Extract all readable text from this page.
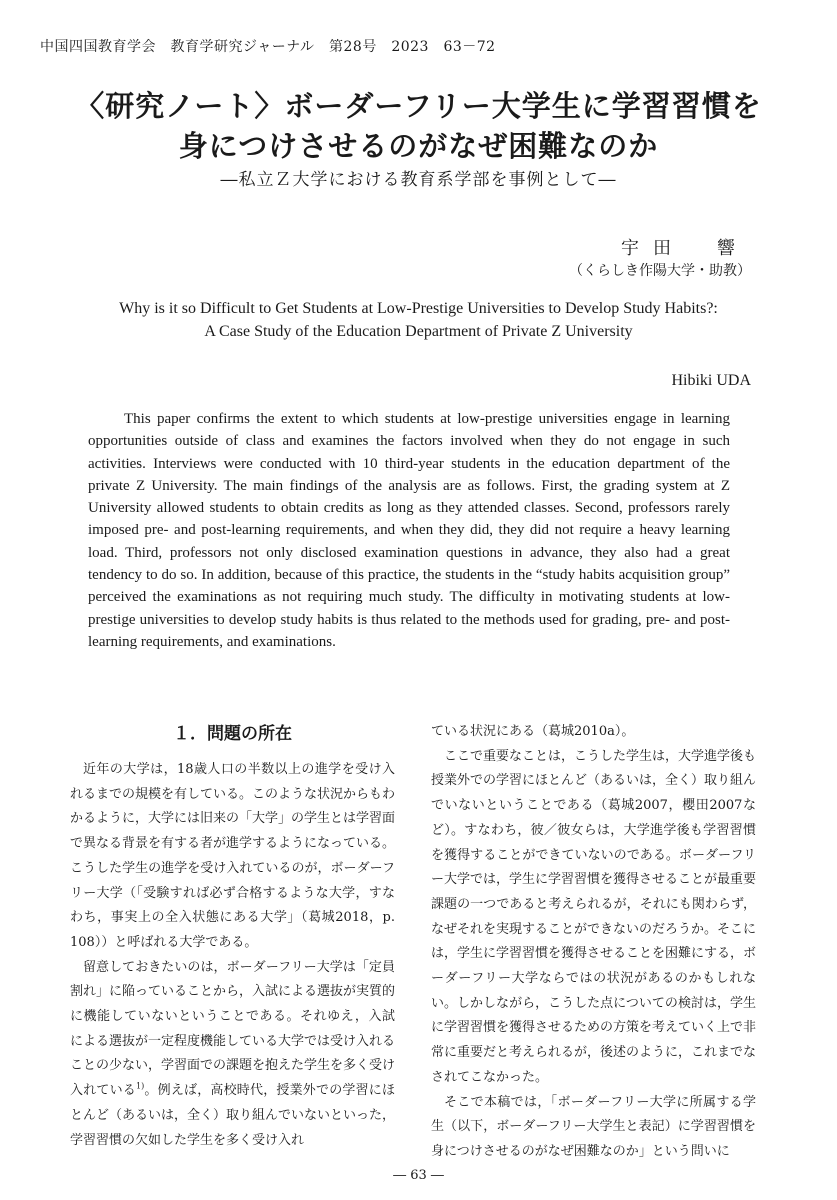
中国四国教育学会　教育学研究ジャーナル　第28号　2023　63－72
〈研究ノート〉ボーダーフリー大学生に学習習慣を
身につけさせるのがなぜ困難なのか
―私立Ｚ大学における教育系学部を事例として―
宇田　響
（くらしき作陽大学・助教）
Why is it so Difficult to Get Students at Low-Prestige Universities to Develop Study Habits?:
A Case Study of the Education Department of Private Z University
Hibiki UDA

This paper confirms the extent to which students at low-prestige universities engage in learning opportunities outside of class and examines the factors involved when they do not engage in such activities. Interviews were conducted with 10 third-year students in the education department of the private Z University. The main findings of the analysis are as follows. First, the grading system at Z University allowed students to obtain credits as long as they attended classes. Second, professors rarely imposed pre- and post-learning requirements, and when they did, they did not require a heavy learning load. Third, professors not only disclosed examination questions in advance, they also had a great tendency to do so. In addition, because of this practice, the students in the “study habits acquisition group” perceived the examinations as not requiring much study. The difficulty in motivating students at low-prestige universities to develop study habits is thus related to the methods used for grading, pre- and post-learning requirements, and examinations.

１．問題の所在

近年の大学は，18歳人口の半数以上の進学を受け入れるまでの規模を有している。このような状況からもわかるように，大学には旧来の「大学」の学生とは学習面で異なる背景を有する者が進学するようになっている。こうした学生の進学を受け入れているのが，ボーダーフリー大学（「受験すれば必ず合格するような大学，すなわち，事実上の全入状態にある大学」（葛城2018，p. 108））と呼ばれる大学である。

留意しておきたいのは，ボーダーフリー大学は「定員割れ」に陥っていることから，入試による選抜が実質的に機能していないということである。それゆえ，入試による選抜が一定程度機能している大学では受け入れることの少ない，学習面での課題を抱えた学生を多く受け入れている$^{1)}$。例えば，高校時代，授業外での学習にほとんど（あるいは，全く）取り組んでいないといった，学習習慣の欠如した学生を多く受け入れ

ている状況にある（葛城2010a）。

ここで重要なことは，こうした学生は，大学進学後も授業外での学習にほとんど（あるいは，全く）取り組んでいないということである（葛城2007，櫻田2007など）。すなわち，彼／彼女らは，大学進学後も学習習慣を獲得することができていないのである。ボーダーフリー大学では，学生に学習習慣を獲得させることが最重要課題の一つであると考えられるが，それにも関わらず，なぜそれを実現することができないのだろうか。そこには，学生に学習習慣を獲得させることを困難にする，ボーダーフリー大学ならではの状況があるのかもしれない。しかしながら，こうした点についての検討は，学生に学習習慣を獲得させるための方策を考えていく上で非常に重要だと考えられるが，後述のように，これまでなされてこなかった。

そこで本稿では，「ボーダーフリー大学に所属する学生（以下，ボーダーフリー大学生と表記）に学習習慣を身につけさせるのがなぜ困難なのか」という問いに

― 63 ―
